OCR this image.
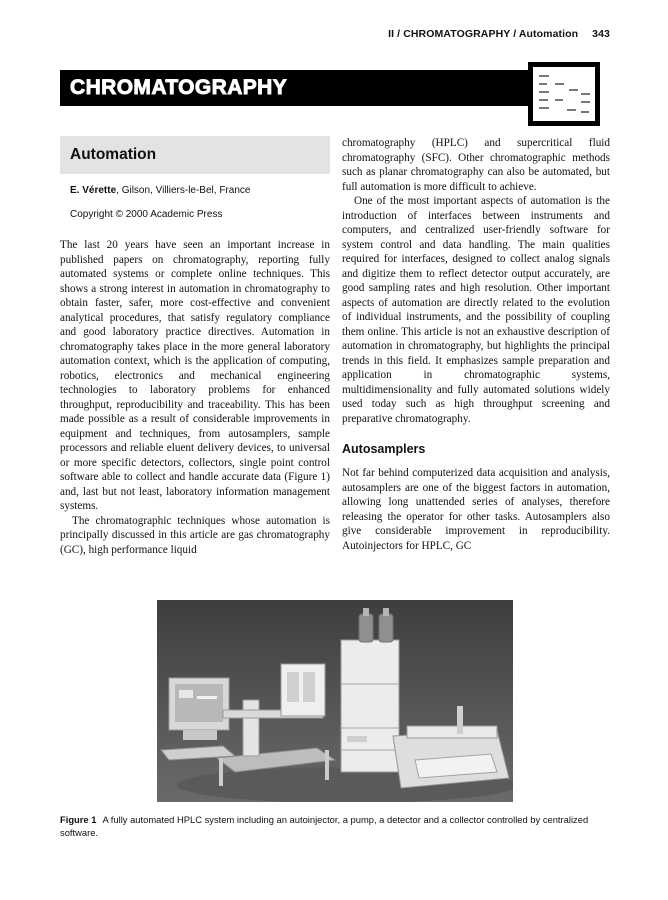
II / CHROMATOGRAPHY / Automation 343
CHROMATOGRAPHY
Automation
E. Vérette, Gilson, Villiers-le-Bel, France
Copyright © 2000 Academic Press

The last 20 years have seen an important increase in published papers on chromatography, reporting fully automated systems or complete online techniques. This shows a strong interest in automation in chromatography to obtain faster, safer, more cost-effective and convenient analytical procedures, that satisfy regulatory compliance and good laboratory practice directives. Automation in chromatography takes place in the more general laboratory automation context, which is the application of computing, robotics, electronics and mechanical engineering technologies to laboratory problems for enhanced throughput, reproducibility and traceability. This has been made possible as a result of considerable improvements in equipment and techniques, from autosamplers, sample processors and reliable eluent delivery devices, to universal or more specific detectors, collectors, single point control software able to collect and handle accurate data (Figure 1) and, last but not least, laboratory information management systems.

The chromatographic techniques whose automation is principally discussed in this article are gas chromatography (GC), high performance liquid

chromatography (HPLC) and supercritical fluid chromatography (SFC). Other chromatographic methods such as planar chromatography can also be automated, but full automation is more difficult to achieve.

One of the most important aspects of automation is the introduction of interfaces between instruments and computers, and centralized user-friendly software for system control and data handling. The main qualities required for interfaces, designed to collect analog signals and digitize them to reflect detector output accurately, are good sampling rates and high resolution. Other important aspects of automation are directly related to the evolution of individual instruments, and the possibility of coupling them online. This article is not an exhaustive description of automation in chromatography, but highlights the principal trends in this field. It emphasizes sample preparation and application in chromatographic systems, multidimensionality and fully automated solutions widely used today such as high throughput screening and preparative chromatography.

Autosamplers

Not far behind computerized data acquisition and analysis, autosamplers are one of the biggest factors in automation, allowing long unattended series of analyses, therefore releasing the operator for other tasks. Autosamplers also give considerable improvement in reproducibility. Autoinjectors for HPLC, GC

Figure 1 A fully automated HPLC system including an autoinjector, a pump, a detector and a collector controlled by centralized software.
